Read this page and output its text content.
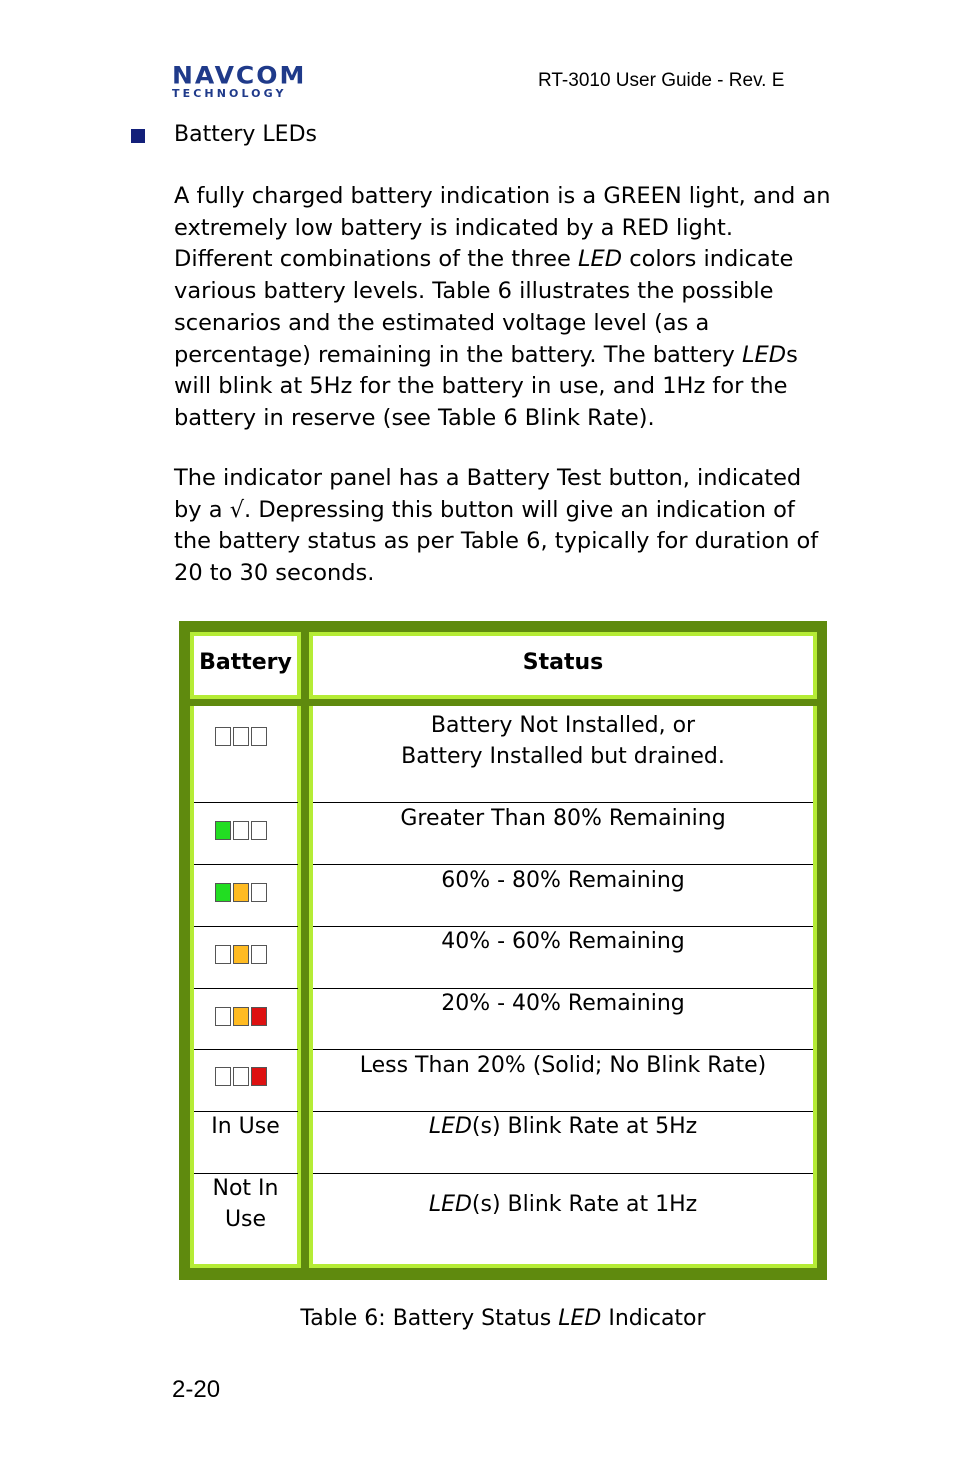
NAVCOM
TECHNOLOGY
RT-3010 User Guide - Rev. E
Battery LEDs
A fully charged battery indication is a GREEN light, and an extremely low battery is indicated by a RED light. Different combinations of the three LED colors indicate various battery levels. Table 6 illustrates the possible scenarios and the estimated voltage level (as a percentage) remaining in the battery. The battery LEDs will blink at 5Hz for the battery in use, and 1Hz for the battery in reserve (see Table 6 Blink Rate).
The indicator panel has a Battery Test button, indicated by a √. Depressing this button will give an indication of the battery status as per Table 6, typically for duration of 20 to 30 seconds.
Battery	Status
In Use
Not In
Use
Battery Not Installed, or
Battery Installed but drained.
Greater Than 80% Remaining
60% - 80% Remaining
40% - 60% Remaining
20% - 40% Remaining
Less Than 20% (Solid; No Blink Rate)
LED(s) Blink Rate at 5Hz
LED(s) Blink Rate at 1Hz
Table 6: Battery Status LED Indicator
2-20
